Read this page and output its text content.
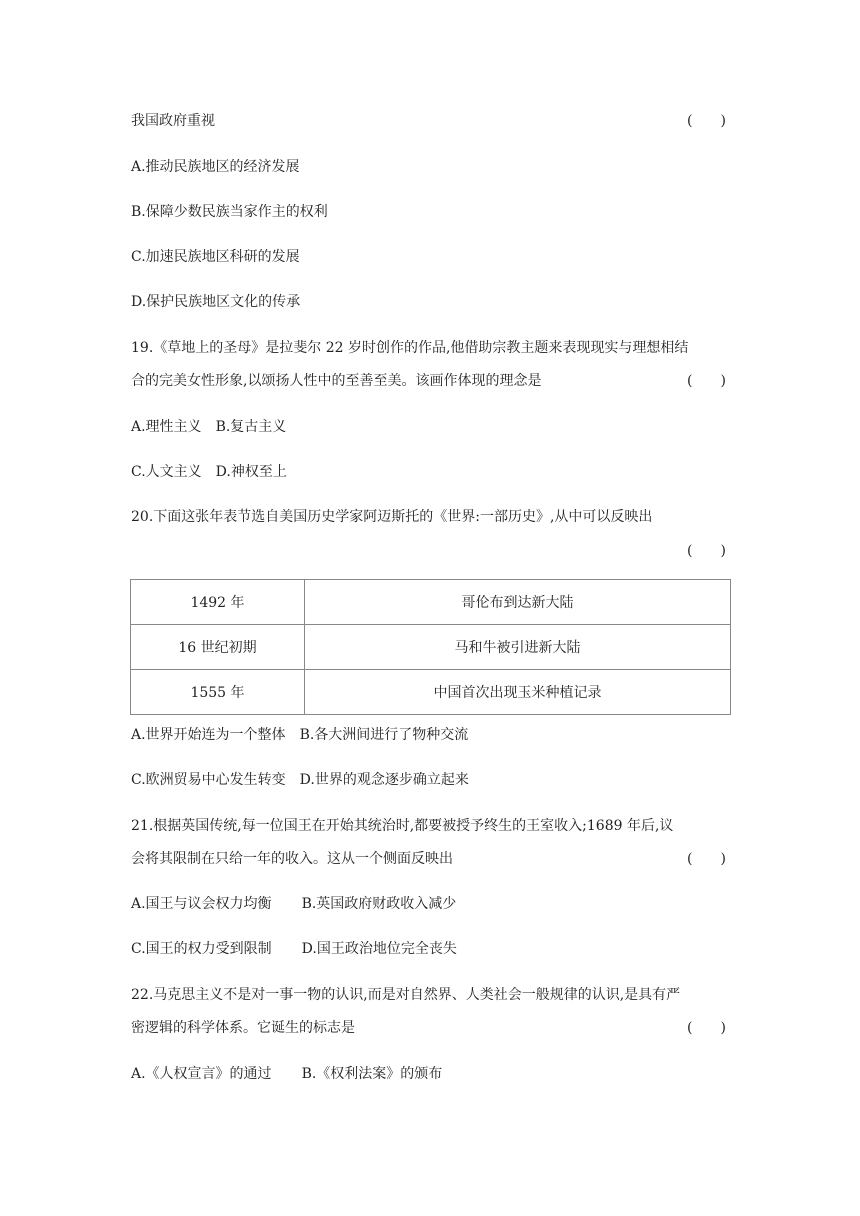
我国政府重视	(　　)
A.推动民族地区的经济发展
B.保障少数民族当家作主的权利
C.加速民族地区科研的发展
D.保护民族地区文化的传承
19.《草地上的圣母》是拉斐尔 22 岁时创作的作品,他借助宗教主题来表现现实与理想相结
合的完美女性形象,以颂扬人性中的至善至美。该画作体现的理念是	(　　)
A.理性主义 B.复古主义
C.人文主义 D.神权至上
20.下面这张年表节选自美国历史学家阿迈斯托的《世界:一部历史》,从中可以反映出
(　　)
1492 年	哥伦布到达新大陆
16 世纪初期	马和牛被引进新大陆
1555 年	中国首次出现玉米种植记录
A.世界开始连为一个整体 B.各大洲间进行了物种交流
C.欧洲贸易中心发生转变 D.世界的观念逐步确立起来
21.根据英国传统,每一位国王在开始其统治时,都要被授予终生的王室收入;1689 年后,议
会将其限制在只给一年的收入。这从一个侧面反映出	(　　)
A.国王与议会权力均衡 B.英国政府财政收入减少
C.国王的权力受到限制 D.国王政治地位完全丧失
22.马克思主义不是对一事一物的认识,而是对自然界、人类社会一般规律的认识,是具有严
密逻辑的科学体系。它诞生的标志是	(　　)
A.《人权宣言》的通过 B.《权利法案》的颁布
